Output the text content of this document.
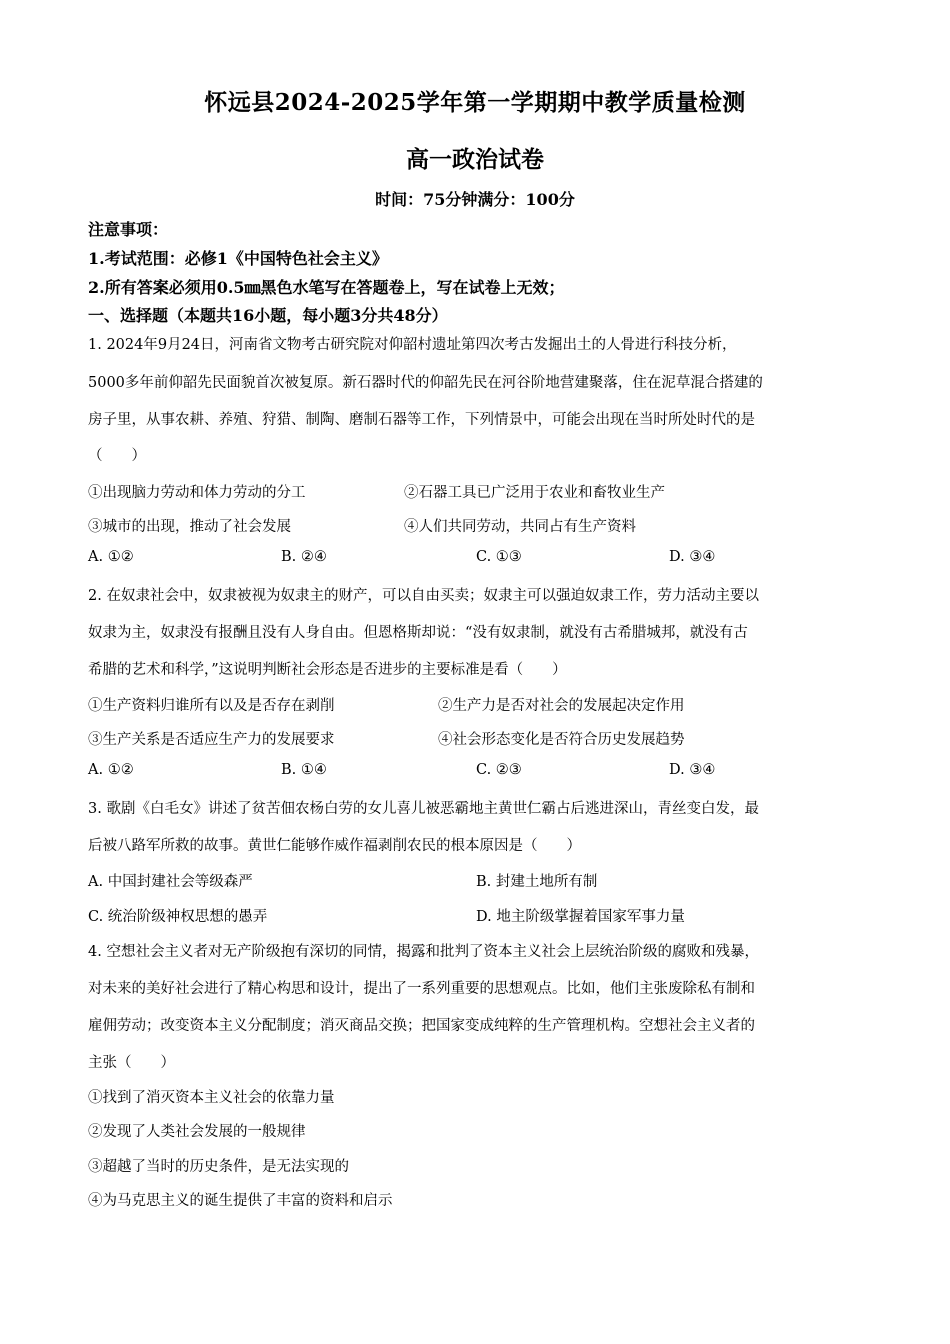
怀远县2024-2025学年第一学期期中教学质量检测
高一政治试卷
时间：75分钟满分：100分
注意事项：
1.考试范围：必修1《中国特色社会主义》
2.所有答案必须用0.5㎜黑色水笔写在答题卷上，写在试卷上无效；
一、选择题（本题共16小题，每小题3分共48分）
1. 2024年9月24日，河南省文物考古研究院对仰韶村遗址第四次考古发掘出土的人骨进行科技分析，
5000多年前仰韶先民面貌首次被复原。新石器时代的仰韶先民在河谷阶地营建聚落，住在泥草混合搭建的
房子里，从事农耕、养殖、狩猎、制陶、磨制石器等工作，下列情景中，可能会出现在当时所处时代的是
（　　）
①出现脑力劳动和体力劳动的分工	②石器工具已广泛用于农业和畜牧业生产
③城市的出现，推动了社会发展	④人们共同劳动，共同占有生产资料
A. ①②	B. ②④	C. ①③	D. ③④
2. 在奴隶社会中，奴隶被视为奴隶主的财产，可以自由买卖；奴隶主可以强迫奴隶工作，劳力活动主要以
奴隶为主，奴隶没有报酬且没有人身自由。但恩格斯却说：“没有奴隶制，就没有古希腊城邦，就没有古
希腊的艺术和科学，”这说明判断社会形态是否进步的主要标准是看（　　）
①生产资料归谁所有以及是否存在剥削	②生产力是否对社会的发展起决定作用
③生产关系是否适应生产力的发展要求	④社会形态变化是否符合历史发展趋势
A. ①②	B. ①④	C. ②③	D. ③④
3. 歌剧《白毛女》讲述了贫苦佃农杨白劳的女儿喜儿被恶霸地主黄世仁霸占后逃进深山，青丝变白发，最
后被八路军所救的故事。黄世仁能够作威作福剥削农民的根本原因是（　　）
A. 中国封建社会等级森严	B. 封建土地所有制
C. 统治阶级神权思想的愚弄	D. 地主阶级掌握着国家军事力量
4. 空想社会主义者对无产阶级抱有深切的同情，揭露和批判了资本主义社会上层统治阶级的腐败和残暴，
对未来的美好社会进行了精心构思和设计，提出了一系列重要的思想观点。比如，他们主张废除私有制和
雇佣劳动；改变资本主义分配制度；消灭商品交换；把国家变成纯粹的生产管理机构。空想社会主义者的
主张（　　）
①找到了消灭资本主义社会的依靠力量
②发现了人类社会发展的一般规律
③超越了当时的历史条件，是无法实现的
④为马克思主义的诞生提供了丰富的资料和启示
